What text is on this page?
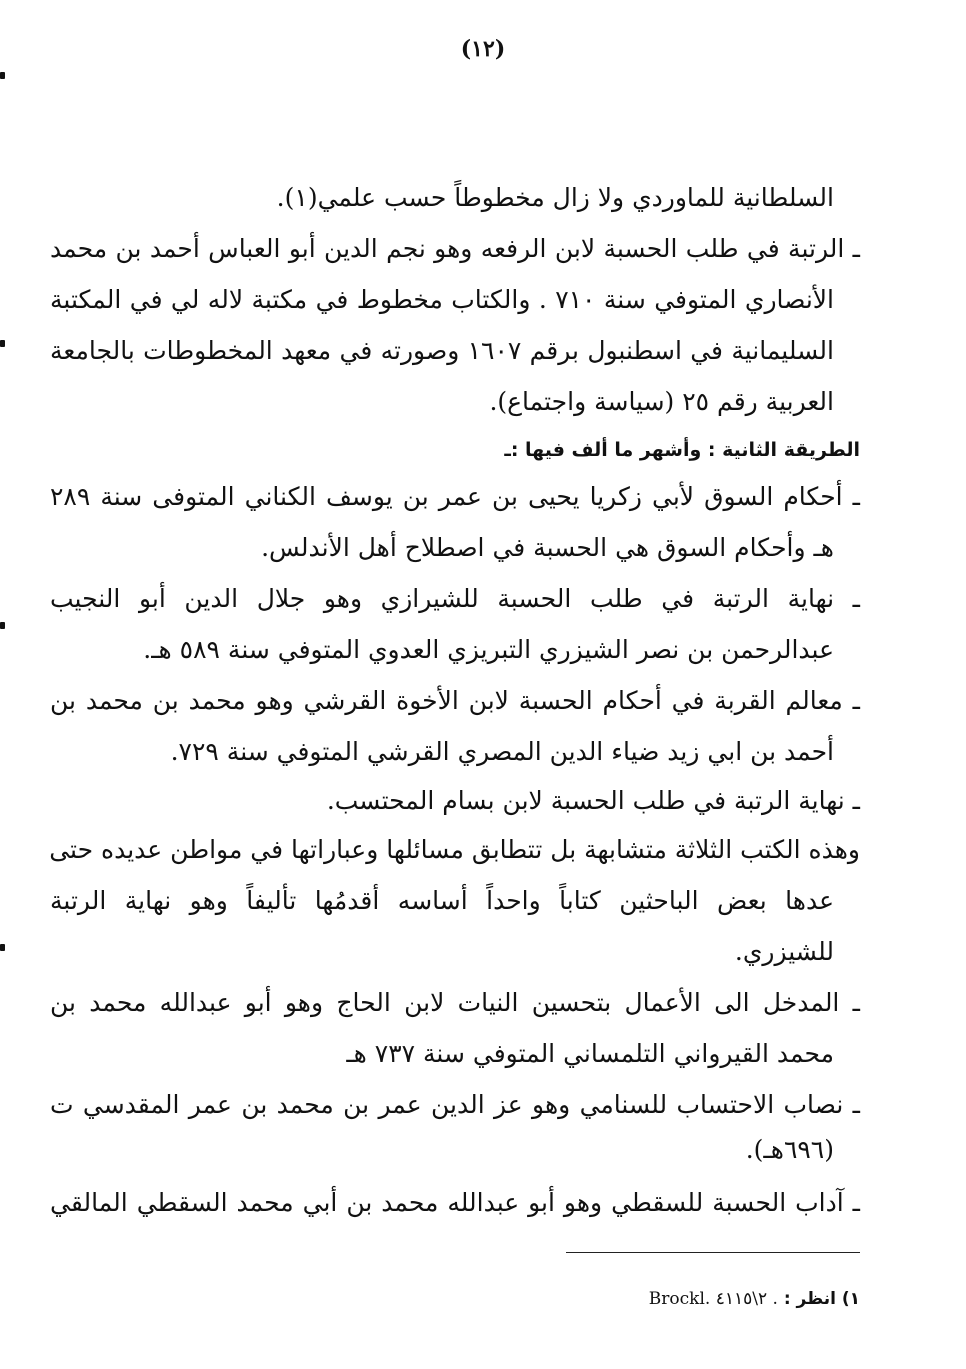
(١٢)
السلطانية للماوردي ولا زال مخطوطاً حسب علمي(١).
ـ الرتبة في طلب الحسبة لابن الرفعه وهو نجم الدين أبو العباس أحمد بن محمد
الأنصاري المتوفي سنة ٧١٠ . والكتاب مخطوط في مكتبة لاله لي في المكتبة
السليمانية في اسطنبول برقم ١٦٠٧ وصورته في معهد المخطوطات بالجامعة
العربية رقم ٢٥ (سياسة واجتماع).
الطريقة الثانية : وأشهر ما ألف فيها :ـ
ـ أحكام السوق لأبي زكريا يحيى بن عمر بن يوسف الكناني المتوفى سنة ٢٨٩
هـ وأحكام السوق هي الحسبة في اصطلاح أهل الأندلس.
ـ نهاية الرتبة في طلب الحسبة للشيرازي وهو جلال الدين أبو النجيب
عبدالرحمن بن نصر الشيزري التبريزي العدوي المتوفي سنة ٥٨٩ هـ.
ـ معالم القربة في أحكام الحسبة لابن الأخوة القرشي وهو محمد بن محمد بن
أحمد بن ابي زيد ضياء الدين المصري القرشي المتوفي سنة ٧٢٩.
ـ نهاية الرتبة في طلب الحسبة لابن بسام المحتسب.
وهذه الكتب الثلاثة متشابهة بل تتطابق مسائلها وعباراتها في مواطن عديده حتى
عدها بعض الباحثين كتاباً واحداً أساسه أقدمُها تأليفاً وهو نهاية الرتبة
للشيزري.
ـ المدخل الى الأعمال بتحسين النيات لابن الحاج وهو أبو عبدالله محمد بن
محمد القيرواني التلمساني المتوفي سنة ٧٣٧ هـ
ـ نصاب الاحتساب للسنامي وهو عز الدين عمر بن محمد بن عمر المقدسي ت
(٦٩٦هـ).
ـ آداب الحسبة للسقطي وهو أبو عبدالله محمد بن أبي محمد السقطي المالقي
١) انظر : Brockl. ٢\٤١١٥ .
